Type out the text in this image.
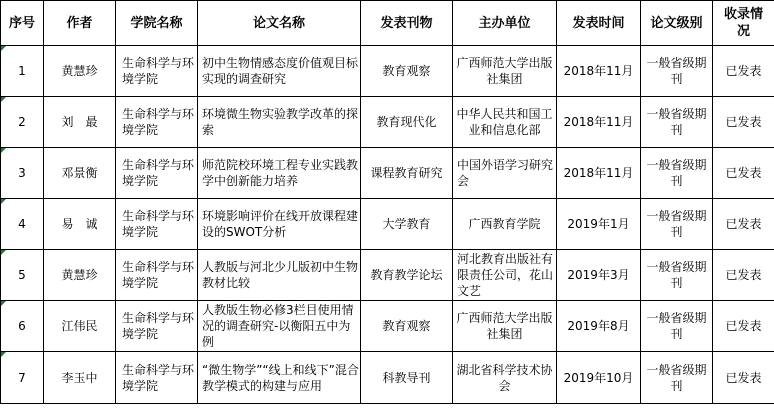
序号	作者	学院名称	论文名称	发表刊物	主办单位	发表时间	论文级别	收录情况

1	黄慧珍	生命科学与环境学院	初中生物情感态度价值观目标实现的调查研究	教育观察	广西师范大学出版社集团	2018年11月	一般省级期刊	已发表

2	刘　最	生命科学与环境学院	环境微生物实验教学改革的探索	教育现代化	中华人民共和国工业和信息化部	2018年11月	一般省级期刊	已发表

3	邓景衡	生命科学与环境学院	师范院校环境工程专业实践教学中创新能力培养	课程教育研究	中国外语学习研究会	2018年11月	一般省级期刊	已发表

4	易　诚	生命科学与环境学院	环境影响评价在线开放课程建设的SWOT分析	大学教育	广西教育学院	2019年1月	一般省级期刊	已发表

5	黄慧珍	生命科学与环境学院	人教版与河北少儿版初中生物教材比较	教育教学论坛	河北教育出版社有限责任公司，花山文艺	2019年3月	一般省级期刊	已发表

6	江伟民	生命科学与环境学院	人教版生物必修3栏目使用情况的调查研究-以衡阳五中为例	教育观察	广西师范大学出版社集团	2019年8月	一般省级期刊	已发表

7	李玉中	生命科学与环境学院	“微生物学”“线上和线下”混合教学模式的构建与应用	科教导刊	湖北省科学技术协会	2019年10月	一般省级期刊	已发表
